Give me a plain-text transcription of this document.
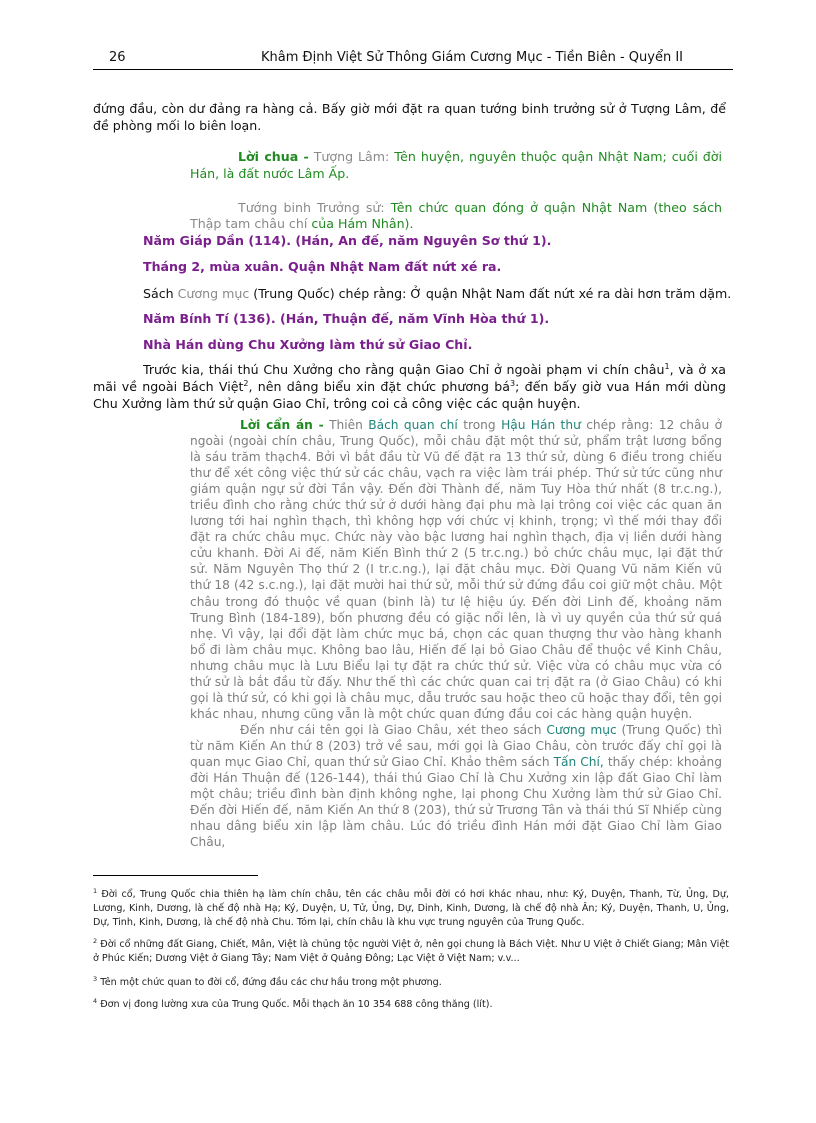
26	Khâm Định Việt Sử Thông Giám Cương Mục - Tiền Biên - Quyển II
đứng đầu, còn dư đảng ra hàng cả. Bấy giờ mới đặt ra quan tướng binh trưởng sử ở Tượng Lâm, để đề phòng mối lo biên loạn.
Lời chua - Tượng Lâm: Tên huyện, nguyên thuộc quận Nhật Nam; cuối đời Hán, là đất nước Lâm Ấp.
Tướng binh Trưởng sử: Tên chức quan đóng ở quận Nhật Nam (theo sách Thập tam châu chí của Hám Nhân).
Năm Giáp Dần (114). (Hán, An đế, năm Nguyên Sơ thứ 1).
Tháng 2, mùa xuân. Quận Nhật Nam đất nứt xé ra.
Sách Cương mục (Trung Quốc) chép rằng: Ở quận Nhật Nam đất nứt xé ra dài hơn trăm dặm.
Năm Bính Tí (136). (Hán, Thuận đế, năm Vĩnh Hòa thứ 1).
Nhà Hán dùng Chu Xưởng làm thứ sử Giao Chỉ.
Trước kia, thái thú Chu Xưởng cho rằng quận Giao Chỉ ở ngoài phạm vi chín châu$^1$, và ở xa mãi về ngoài Bách Việt$^2$, nên dâng biểu xin đặt chức phương $bá^3$; đến bấy giờ vua Hán mới dùng Chu Xưởng làm thứ sử quận Giao Chỉ, trông coi cả công việc các quận huyện.
Lời cẩn án - Thiên Bách quan chí trong Hậu Hán thư chép rằng: 12 châu ở ngoài (ngoài chín châu, Trung Quốc), mỗi châu đặt một thứ sử, phẩm trật lương bổng là sáu trăm thạch4. Bởi vì bắt đầu từ Vũ đế đặt ra 13 thứ sử, dùng 6 điều trong chiếu thư để xét công việc thứ sử các châu, vạch ra việc làm trái phép. Thứ sử tức cũng như giám quận ngự sử đời Tần vậy. Đến đời Thành đế, năm Tuy Hòa thứ nhất (8 tr.c.ng.), triều đình cho rằng chức thứ sử ở dưới hàng đại phu mà lại trông coi việc các quan ăn lương tới hai nghìn thạch, thì không hợp với chức vị khinh, trọng; vì thế mới thay đổi đặt ra chức châu mục. Chức này vào bậc lương hai nghìn thạch, địa vị liền dưới hàng cửu khanh. Đời Ai đế, năm Kiến Bình thứ 2 (5 tr.c.ng.) bỏ chức châu mục, lại đặt thứ sử. Năm Nguyên Thọ thứ 2 (I tr.c.ng.), lại đặt châu mục. Đời Quang Vũ năm Kiến vũ thứ 18 (42 s.c.ng.), lại đặt mười hai thứ sử, mỗi thứ sử đứng đầu coi giữ một châu. Một châu trong đó thuộc về quan (binh là) tư lệ hiệu úy. Đến đời Linh đế, khoảng năm Trung Bình (184-189), bốn phương đều có giặc nổi lên, là vì uy quyền của thứ sử quá nhẹ. Vì vậy, lại đổi đặt làm chức mục bá, chọn các quan thượng thư vào hàng khanh bổ đi làm châu mục. Không bao lâu, Hiến đế lại bỏ Giao Châu để thuộc về Kinh Châu, nhưng châu mục là Lưu Biểu lại tự đặt ra chức thứ sử. Việc vừa có châu mục vừa có thứ sử là bắt đầu từ đấy. Như thế thì các chức quan cai trị đặt ra (ở Giao Châu) có khi gọi là thứ sử, có khi gọi là châu mục, dẫu trước sau hoặc theo cũ hoặc thay đổi, tên gọi khác nhau, nhưng cũng vẫn là một chức quan đứng đầu coi các hàng quận huyện.
Đến như cái tên gọi là Giao Châu, xét theo sách Cương mục (Trung Quốc) thì từ năm Kiến An thứ 8 (203) trở về sau, mới gọi là Giao Châu, còn trước đấy chỉ gọi là quan mục Giao Chỉ, quan thứ sử Giao Chỉ. Khảo thêm sách Tấn Chí, thấy chép: khoảng đời Hán Thuận đế (126-144), thái thú Giao Chỉ là Chu Xưởng xin lập đất Giao Chỉ làm một châu; triều đình bàn định không nghe, lại phong Chu Xưởng làm thứ sử Giao Chỉ. Đến đời Hiến đế, năm Kiến An thứ 8 (203), thứ sử Trương Tân và thái thú Sĩ Nhiếp cùng nhau dâng biểu xin lập làm châu. Lúc đó triều đình Hán mới đặt Giao Chỉ làm Giao Châu,
$^1$ Đời cổ, Trung Quốc chia thiên hạ làm chín châu, tên các châu mỗi đời có hơi khác nhau, như: Ký, Duyện, Thanh, Từ, Ủng, Dự, Lương, Kinh, Dương, là chế độ nhà Hạ; Ký, Duyện, U, Tử, Ủng, Dự, Dinh, Kinh, Dương, là chế độ nhà Ân; Ký, Duyện, Thanh, U, Ủng, Dự, Tinh, Kinh, Dương, là chế độ nhà Chu. Tóm lại, chín châu là khu vực trung nguyên của Trung Quốc.
$^2$ Đời cổ những đất Giang, Chiết, Mân, Việt là chủng tộc người Việt ở, nên gọi chung là Bách Việt. Như U Việt ở Chiết Giang; Mân Việt ở Phúc Kiến; Dương Việt ở Giang Tây; Nam Việt ở Quảng Đông; Lạc Việt ở Việt Nam; v.v...
$^3$ Tên một chức quan to đời cổ, đứng đầu các chư hầu trong một phương.
$^4$ Đơn vị đong lường xưa của Trung Quốc. Mỗi thạch ăn 10 354 688 công thăng (lít).
